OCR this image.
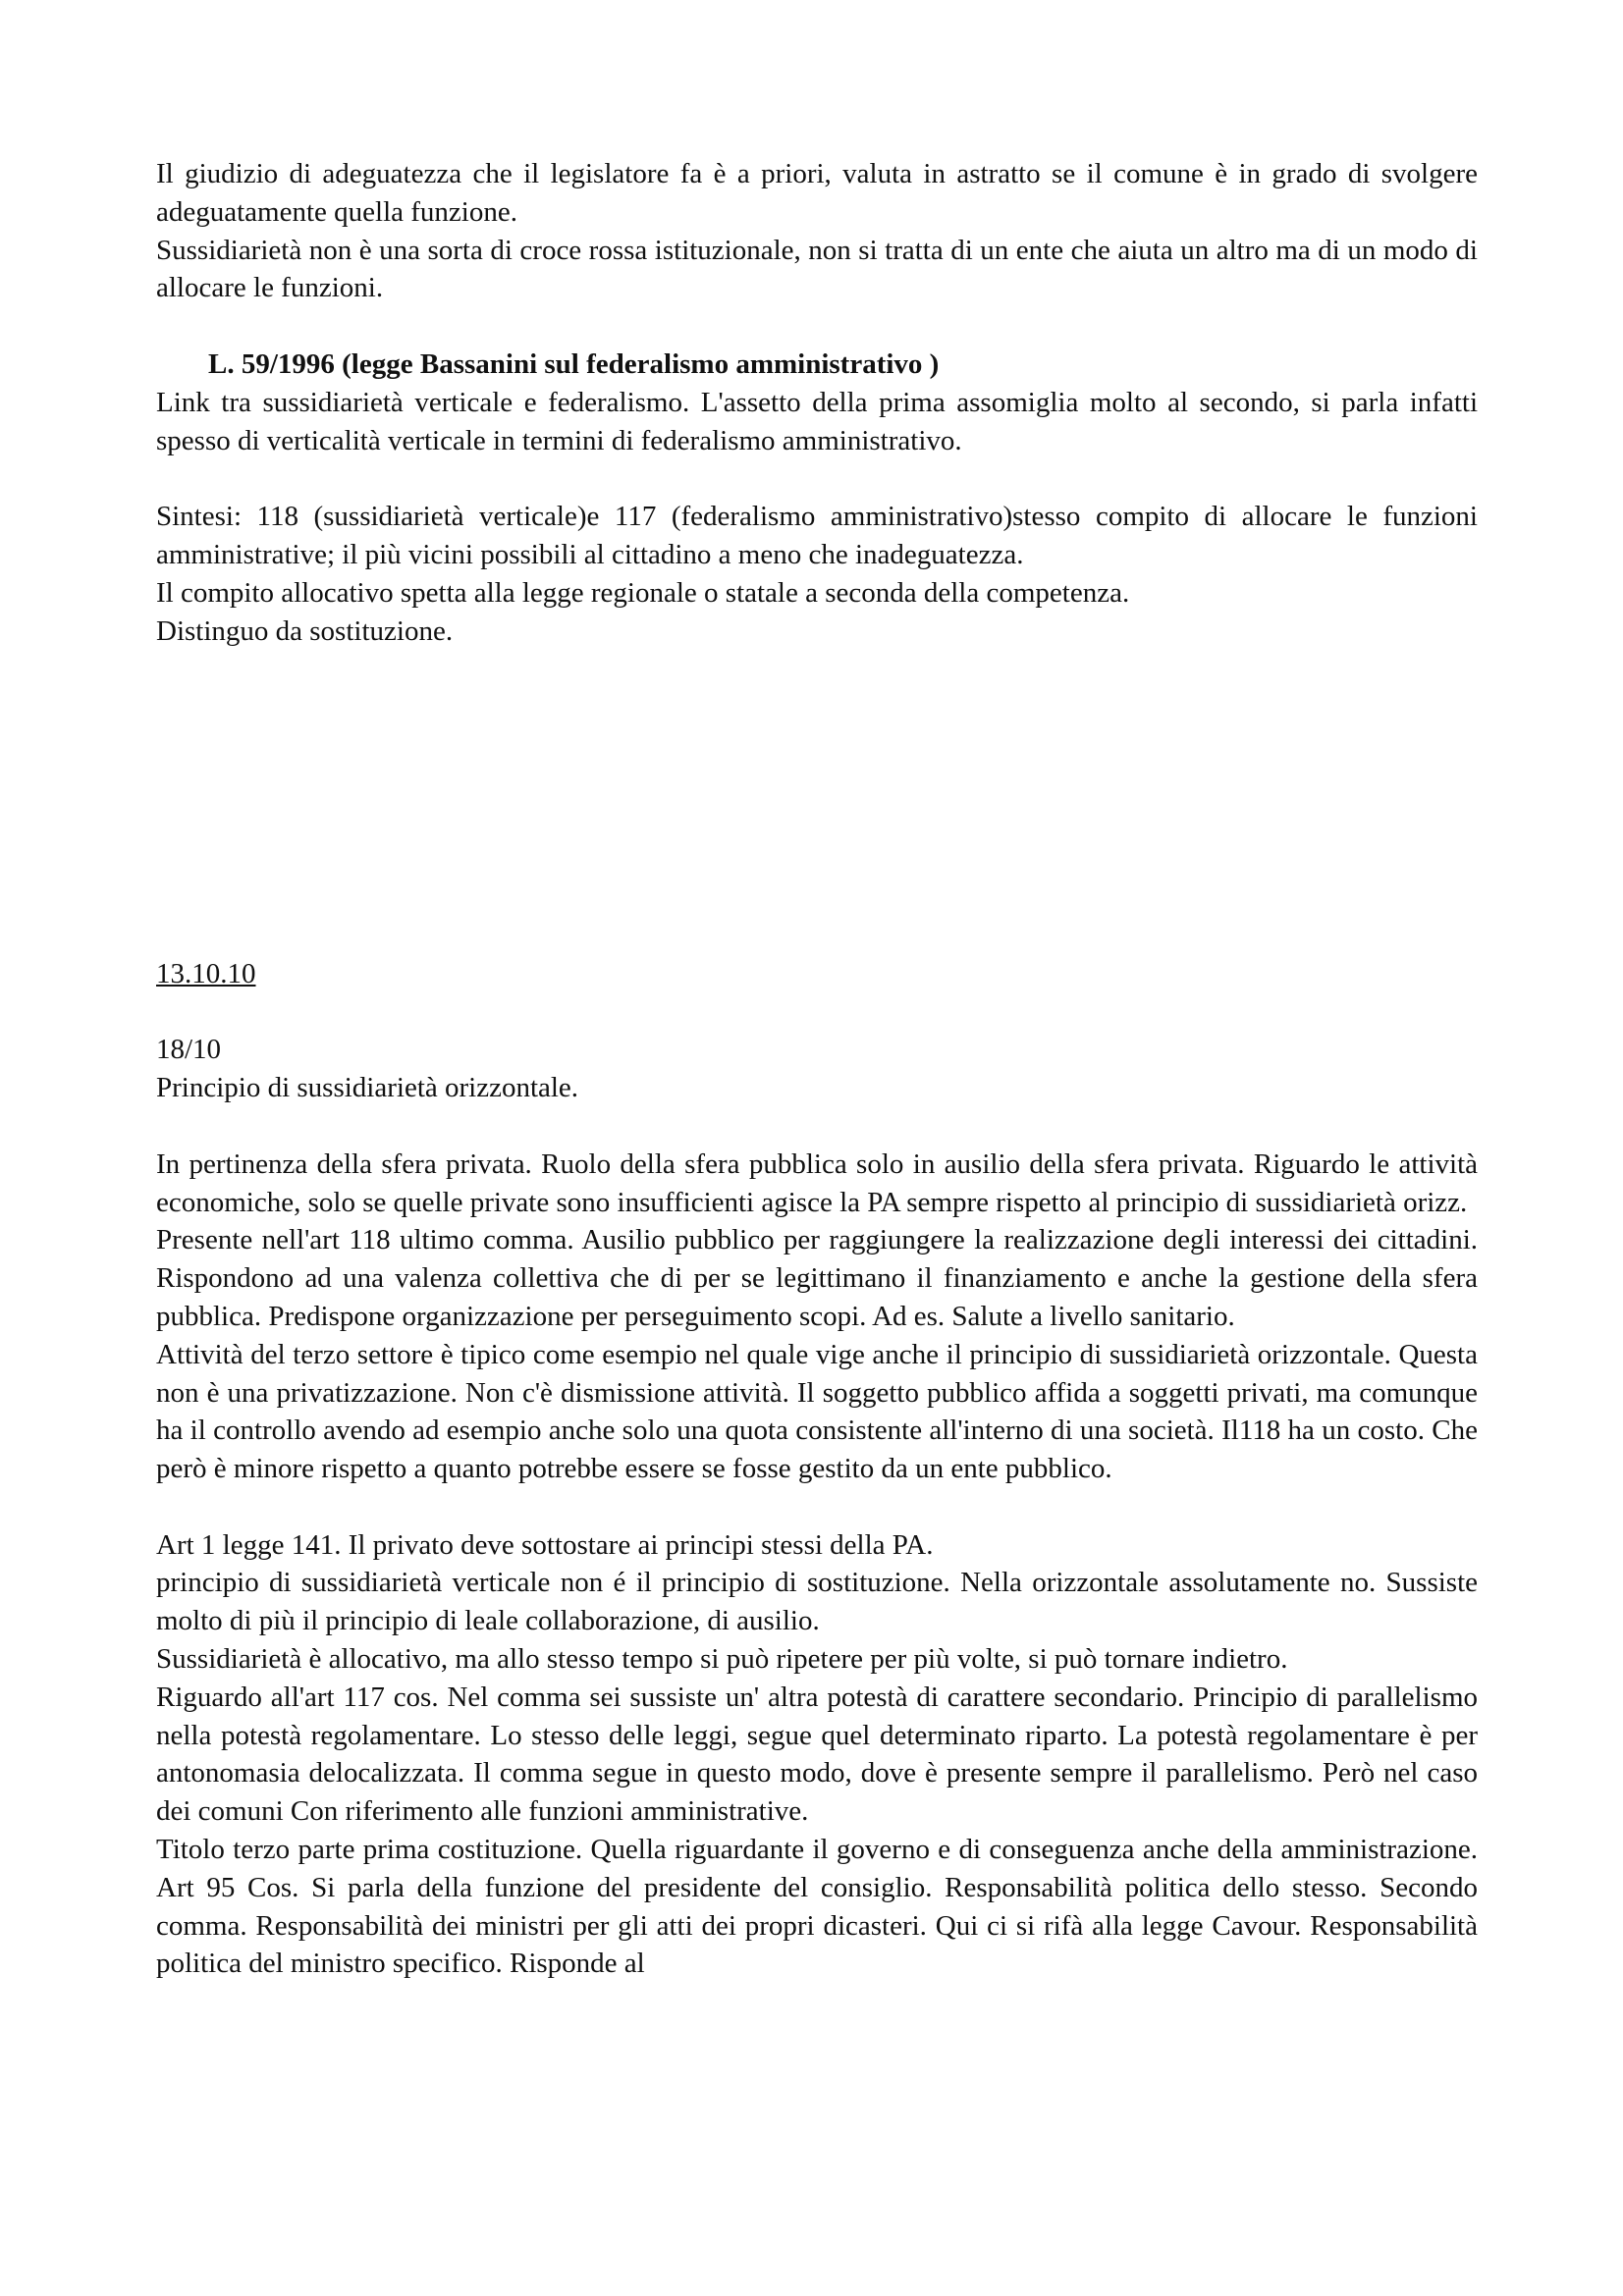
Il giudizio di adeguatezza che il legislatore fa è a priori, valuta in astratto se il comune è in grado di svolgere adeguatamente quella funzione.

Sussidiarietà non è una sorta di croce rossa istituzionale, non si tratta di un ente che aiuta un altro ma di un modo di allocare le funzioni.

L. 59/1996 (legge Bassanini sul federalismo amministrativo )

Link tra sussidiarietà verticale e federalismo. L'assetto della prima assomiglia molto al secondo, si parla infatti spesso di verticalità verticale in termini di federalismo amministrativo.

Sintesi: 118 (sussidiarietà verticale)e 117 (federalismo amministrativo)stesso compito di allocare le funzioni amministrative; il più vicini possibili al cittadino a meno che inadeguatezza.

Il compito allocativo spetta alla legge regionale o statale a seconda della competenza.

Distinguo da sostituzione.

13.10.10

18/10

Principio di sussidiarietà orizzontale.

In pertinenza della sfera privata. Ruolo della sfera pubblica solo in ausilio della sfera privata. Riguardo le attività economiche, solo se quelle private sono insufficienti agisce la PA sempre rispetto al principio di sussidiarietà orizz.

Presente nell'art 118 ultimo comma. Ausilio pubblico per raggiungere la realizzazione degli interessi dei cittadini. Rispondono ad una valenza collettiva che di per se legittimano il finanziamento e anche la gestione della sfera pubblica. Predispone organizzazione per perseguimento scopi. Ad es. Salute a livello sanitario.

Attività del terzo settore è tipico come esempio nel quale vige anche il principio di sussidiarietà orizzontale. Questa non è una privatizzazione. Non c'è dismissione attività. Il soggetto pubblico affida a soggetti privati, ma comunque ha il controllo avendo ad esempio anche solo una quota consistente all'interno di una società. Il118 ha un costo. Che però è minore rispetto a quanto potrebbe essere se fosse gestito da un ente pubblico.

Art 1 legge 141. Il privato deve sottostare ai principi stessi della PA.

principio di sussidiarietà verticale non é il principio di sostituzione. Nella orizzontale assolutamente no. Sussiste molto di più il principio di leale collaborazione, di ausilio.

Sussidiarietà è allocativo, ma allo stesso tempo si può ripetere per più volte, si può tornare indietro.

Riguardo all'art 117 cos. Nel comma sei sussiste un' altra potestà di carattere secondario. Principio di parallelismo nella potestà regolamentare. Lo stesso delle leggi, segue quel determinato riparto. La potestà regolamentare è per antonomasia delocalizzata. Il comma segue in questo modo, dove è presente sempre il parallelismo. Però nel caso dei comuni Con riferimento alle funzioni amministrative.

Titolo terzo parte prima costituzione. Quella riguardante il governo e di conseguenza anche della amministrazione. Art 95 Cos. Si parla della funzione del presidente del consiglio. Responsabilità politica dello stesso. Secondo comma. Responsabilità dei ministri per gli atti dei propri dicasteri. Qui ci si rifà alla legge Cavour. Responsabilità politica del ministro specifico. Risponde al
